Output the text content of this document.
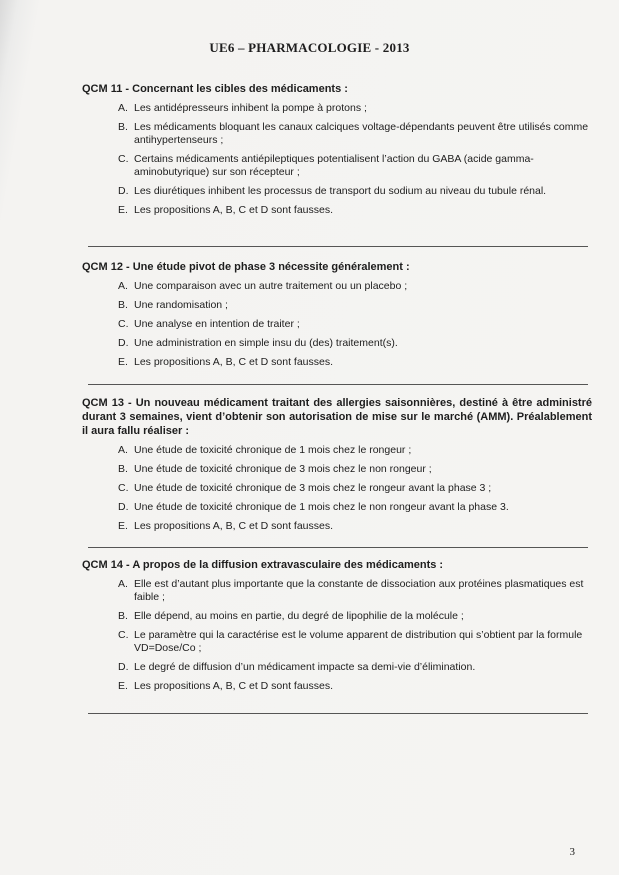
UE6 – PHARMACOLOGIE - 2013
QCM 11 - Concernant les cibles des médicaments :
A. Les antidépresseurs inhibent la pompe à protons ;
B. Les médicaments bloquant les canaux calciques voltage-dépendants peuvent être utilisés comme antihypertenseurs ;
C. Certains médicaments antiépileptiques potentialisent l’action du GABA (acide gamma-aminobutyrique) sur son récepteur ;
D. Les diurétiques inhibent les processus de transport du sodium au niveau du tubule rénal.
E. Les propositions A, B, C et D sont fausses.
QCM 12 - Une étude pivot de phase 3 nécessite généralement :
A. Une comparaison avec un autre traitement ou un placebo ;
B. Une randomisation ;
C. Une analyse en intention de traiter ;
D. Une administration en simple insu du (des) traitement(s).
E. Les propositions A, B, C et D sont fausses.
QCM 13 - Un nouveau médicament traitant des allergies saisonnières, destiné à être administré durant 3 semaines, vient d’obtenir son autorisation de mise sur le marché (AMM). Préalablement il aura fallu réaliser :
A. Une étude de toxicité chronique de 1 mois chez le rongeur ;
B. Une étude de toxicité chronique de 3 mois chez le non rongeur ;
C. Une étude de toxicité chronique de 3 mois chez le rongeur avant la phase 3 ;
D. Une étude de toxicité chronique de 1 mois chez le non rongeur avant la phase 3.
E. Les propositions A, B, C et D sont fausses.
QCM 14 - A propos de la diffusion extravasculaire des médicaments :
A. Elle est d’autant plus importante que la constante de dissociation aux protéines plasmatiques est faible ;
B. Elle dépend, au moins en partie, du degré de lipophilie de la molécule ;
C. Le paramètre qui la caractérise est le volume apparent de distribution qui s’obtient par la formule VD=Dose/Co ;
D. Le degré de diffusion d’un médicament impacte sa demi-vie d’élimination.
E. Les propositions A, B, C et D sont fausses.
3
